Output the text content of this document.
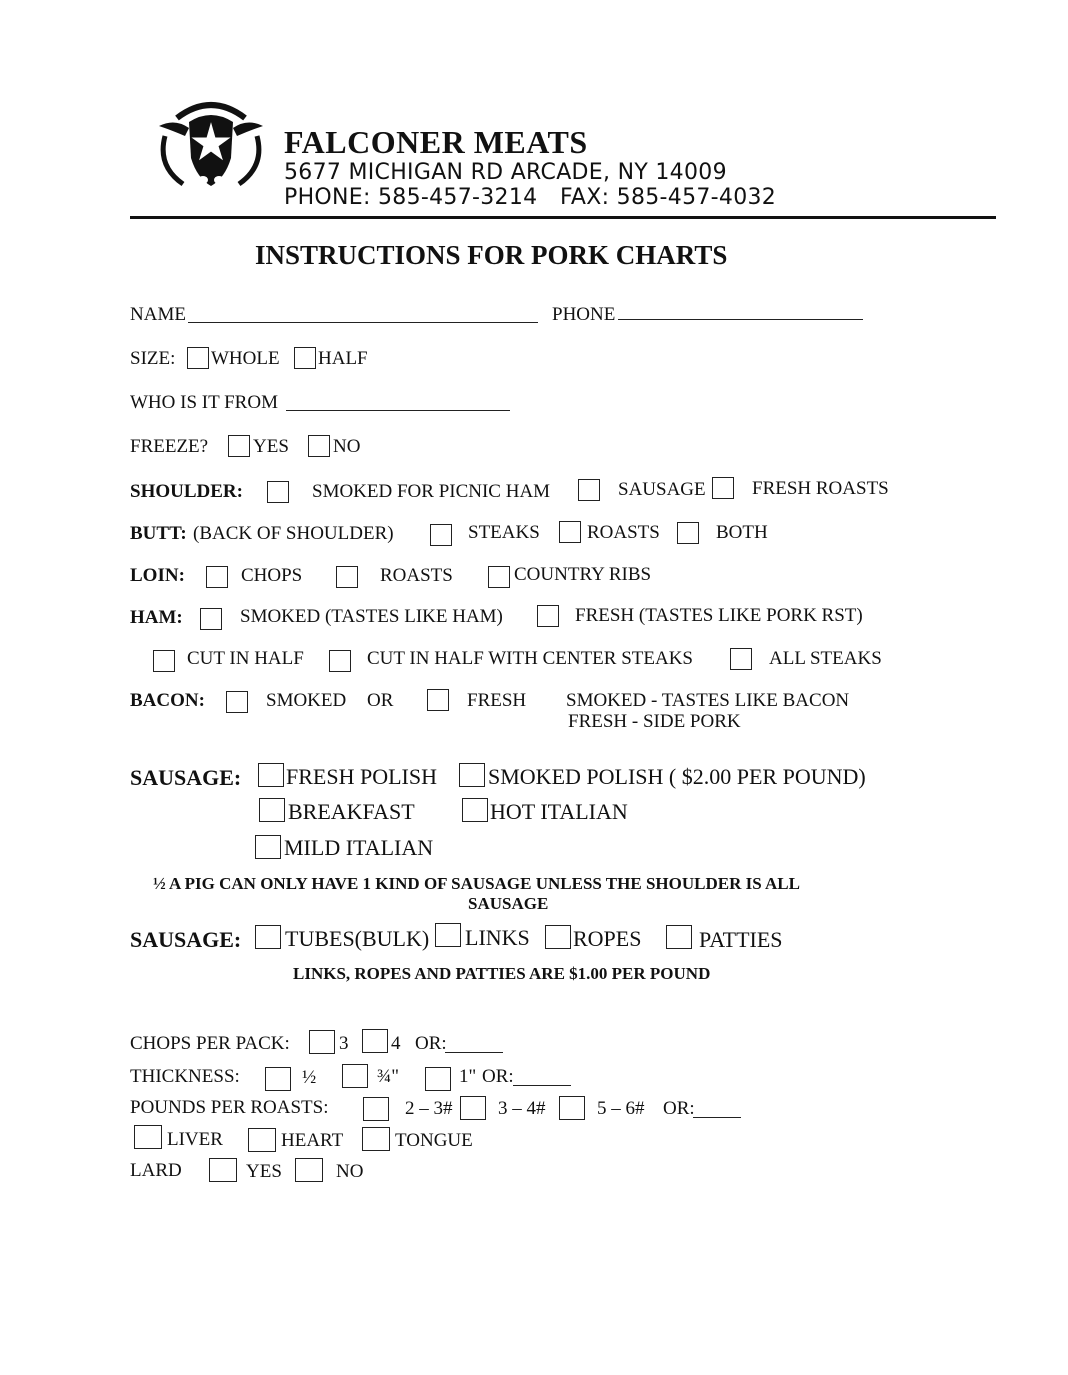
FALCONER MEATS
5677 MICHIGAN RD ARCADE, NY 14009
PHONE: 585-457-3214 FAX: 585-457-4032
INSTRUCTIONS FOR PORK CHARTS
NAME	PHONE
SIZE: WHOLE HALF
WHO IS IT FROM
FREEZE? YES NO
SHOULDER:	SMOKED FOR PICNIC HAM	SAUSAGE FRESH ROASTS
BUTT: (BACK OF SHOULDER)	STEAKS ROASTS	BOTH
LOIN:	CHOPS	ROASTS	COUNTRY RIBS
HAM:	SMOKED (TASTES LIKE HAM)	FRESH (TASTES LIKE PORK RST)
CUT IN HALF	CUT IN HALF WITH CENTER STEAKS	ALL STEAKS
BACON:	SMOKED OR	FRESH SMOKED - TASTES LIKE BACON
FRESH - SIDE PORK
SAUSAGE: FRESH POLISH SMOKED POLISH ( $2.00 PER POUND)
BREAKFAST	HOT ITALIAN
MILD ITALIAN
½ A PIG CAN ONLY HAVE 1 KIND OF SAUSAGE UNLESS THE SHOULDER IS ALL
SAUSAGE
SAUSAGE: TUBES(BULK) LINKS ROPES	PATTIES
LINKS, ROPES AND PATTIES ARE $1.00 PER POUND
CHOPS PER PACK:	3 4 OR:
THICKNESS:	½	¾"	1" OR:
POUNDS PER ROASTS:	2 – 3# 3 – 4#	5 – 6# OR:
LIVER	HEART	TONGUE
LARD	YES	NO
